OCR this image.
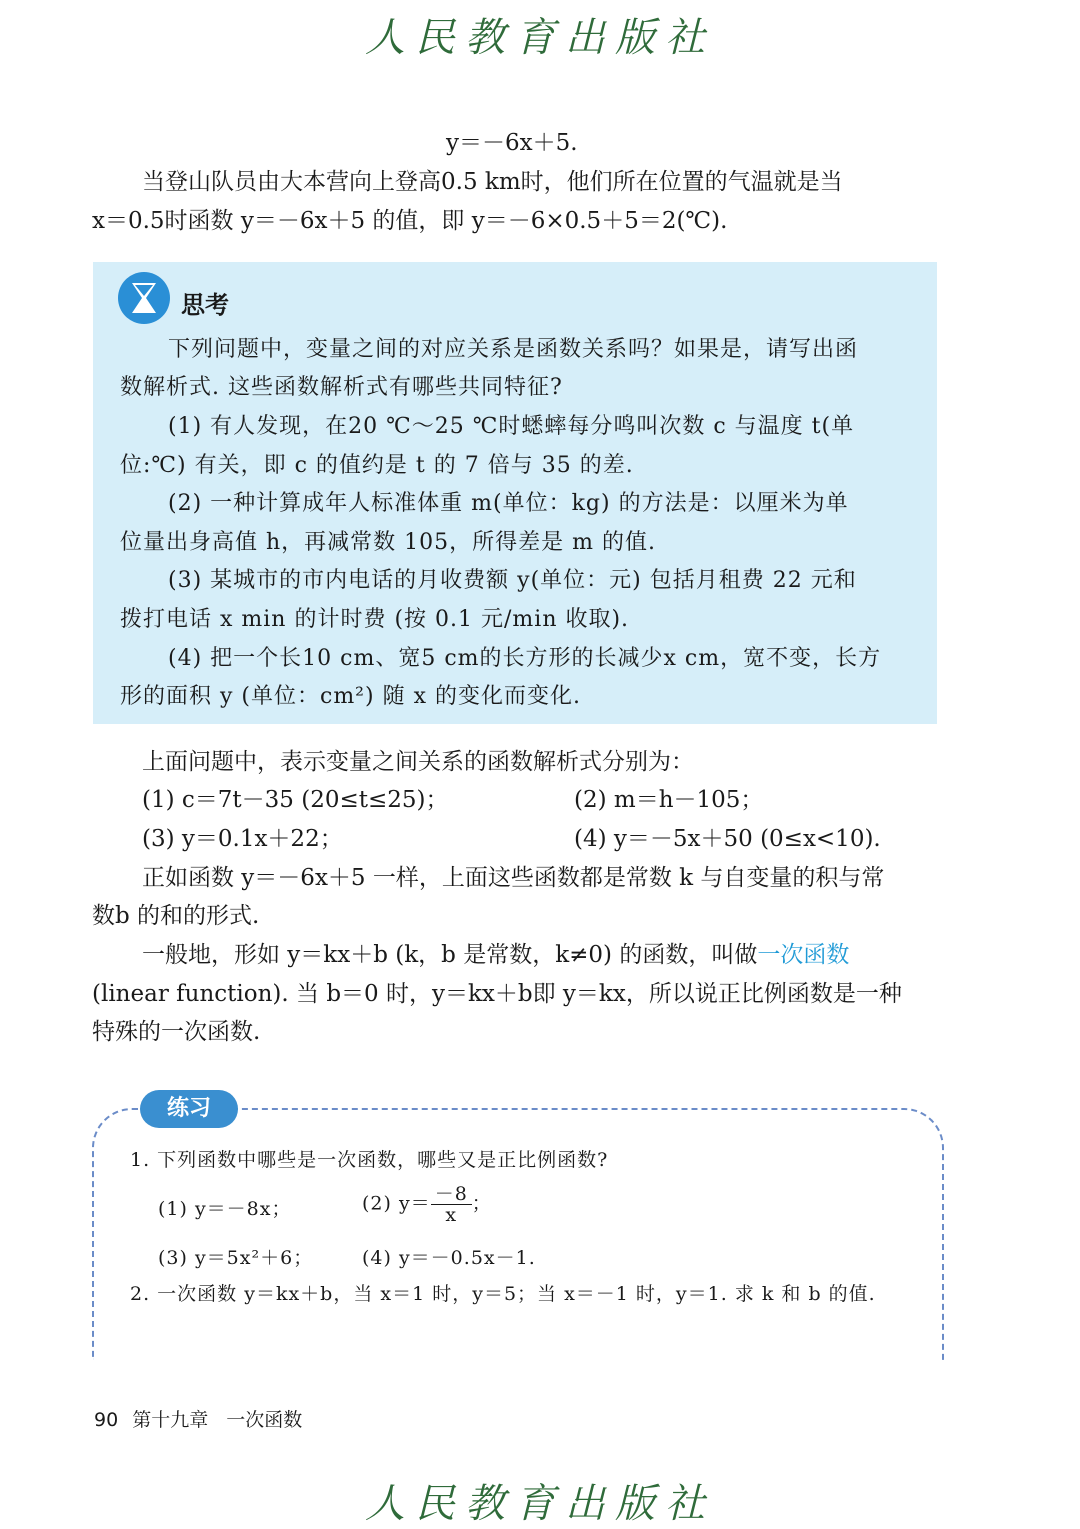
人民教育出版社
y＝－6x＋5.
当登山队员由大本营向上登高0.5 km时，他们所在位置的气温就是当
x＝0.5时函数 y＝－6x＋5 的值，即 y＝－6×0.5＋5＝2(℃).
思考
下列问题中，变量之间的对应关系是函数关系吗？如果是，请写出函
数解析式. 这些函数解析式有哪些共同特征?
(1) 有人发现，在20 ℃～25 ℃时蟋蟀每分鸣叫次数 c 与温度 t(单
位:℃) 有关，即 c 的值约是 t 的 7 倍与 35 的差.
(2) 一种计算成年人标准体重 m(单位：kg) 的方法是：以厘米为单
位量出身高值 h，再减常数 105，所得差是 m 的值.
(3) 某城市的市内电话的月收费额 y(单位：元) 包括月租费 22 元和
拨打电话 x min 的计时费 (按 0.1 元/min 收取).
(4) 把一个长10 cm、宽5 cm的长方形的长减少x cm，宽不变，长方
形的面积 y (单位：cm²) 随 x 的变化而变化.
上面问题中，表示变量之间关系的函数解析式分别为：
(1) c＝7t－35 (20≤t≤25)；	(2) m＝h－105；
(3) y＝0.1x＋22；	(4) y＝－5x＋50 (0≤x<10).
正如函数 y＝－6x＋5 一样，上面这些函数都是常数 k 与自变量的积与常
数b 的和的形式.
一般地，形如 y＝kx＋b (k，b 是常数，k≠0) 的函数，叫做一次函数
(linear function). 当 b＝0 时，y＝kx＋b即 y＝kx，所以说正比例函数是一种
特殊的一次函数.
练习
1. 下列函数中哪些是一次函数，哪些又是正比例函数?
(1) y＝－8x；	(2) $y= \frac{-8}{x}$ ；
(3) y＝5x²＋6；	(4) y＝－0.5x－1.
2. 一次函数 y＝kx＋b，当 x＝1 时，y＝5；当 x＝－1 时，y＝1. 求 k 和 b 的值.
90 第十九章 一次函数
人民教育出版社
